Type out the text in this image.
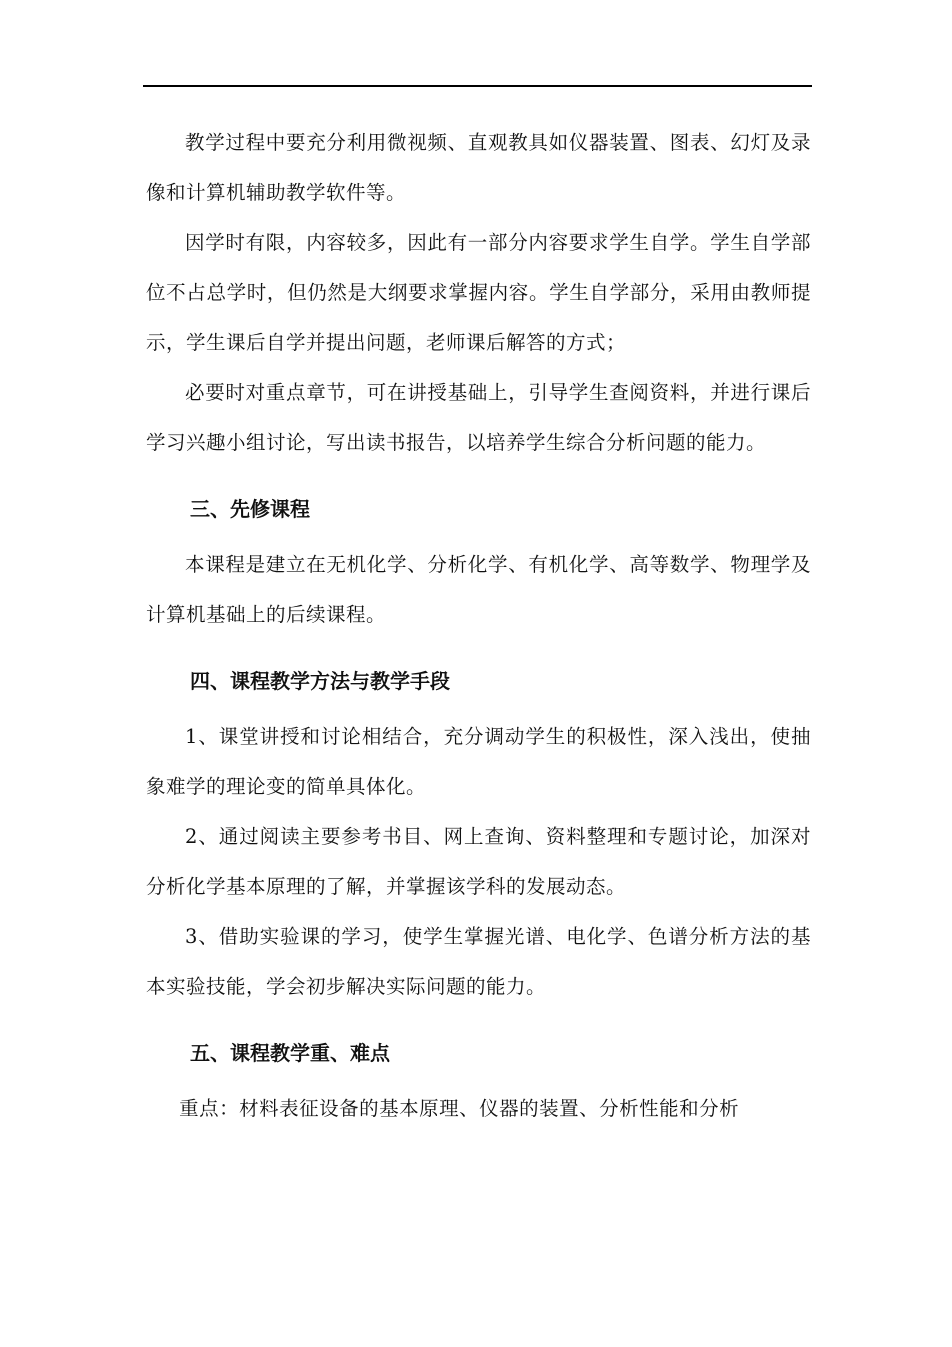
教学过程中要充分利用微视频、直观教具如仪器装置、图表、幻灯及录像和计算机辅助教学软件等。

因学时有限，内容较多，因此有一部分内容要求学生自学。学生自学部位不占总学时，但仍然是大纲要求掌握内容。学生自学部分，采用由教师提示，学生课后自学并提出问题，老师课后解答的方式；

必要时对重点章节，可在讲授基础上，引导学生查阅资料，并进行课后学习兴趣小组讨论，写出读书报告，以培养学生综合分析问题的能力。

三、先修课程

本课程是建立在无机化学、分析化学、有机化学、高等数学、物理学及计算机基础上的后续课程。

四、课程教学方法与教学手段

1、课堂讲授和讨论相结合，充分调动学生的积极性，深入浅出，使抽象难学的理论变的简单具体化。

2、通过阅读主要参考书目、网上查询、资料整理和专题讨论，加深对分析化学基本原理的了解，并掌握该学科的发展动态。

3、借助实验课的学习，使学生掌握光谱、电化学、色谱分析方法的基本实验技能，学会初步解决实际问题的能力。

五、课程教学重、难点

重点：材料表征设备的基本原理、仪器的装置、分析性能和分析
